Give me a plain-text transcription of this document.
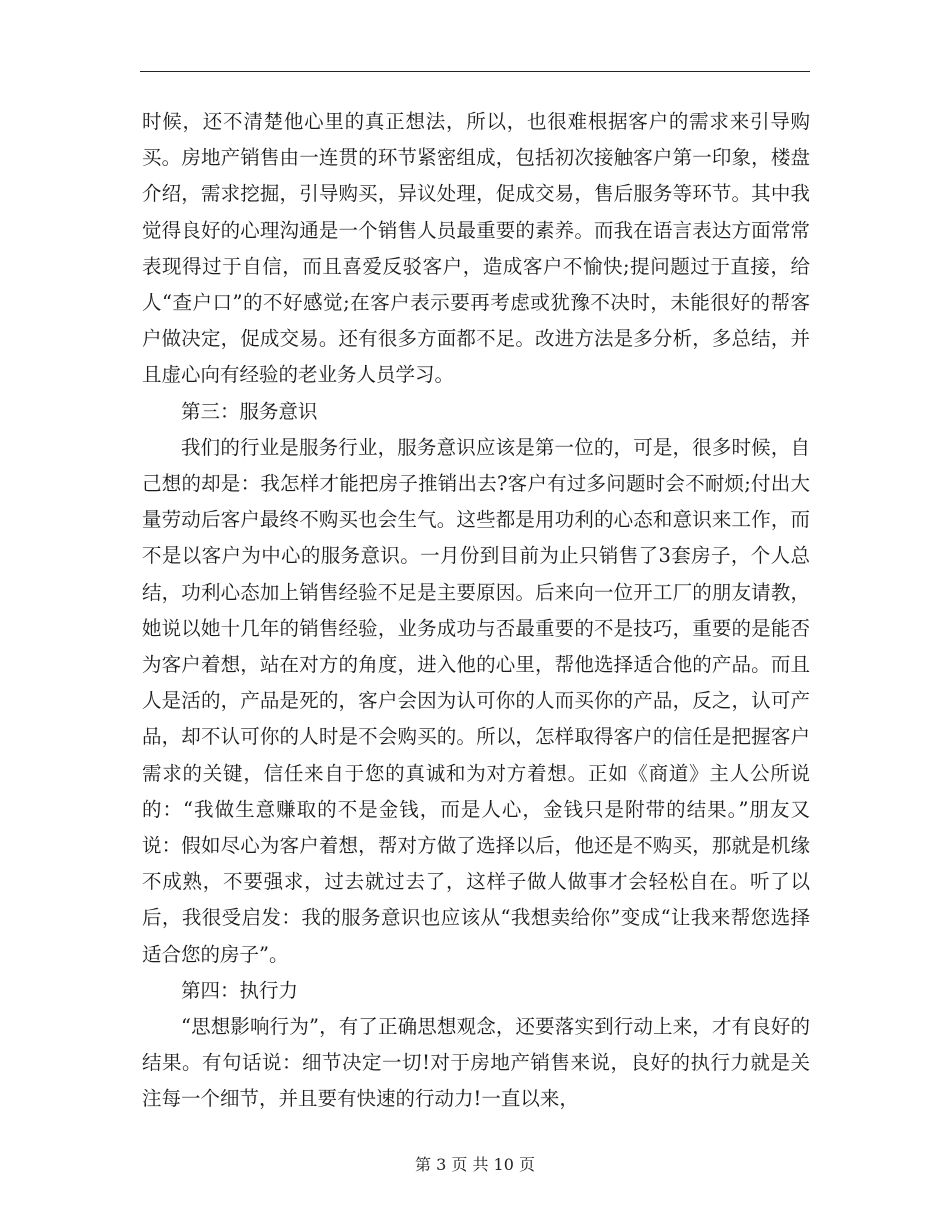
时候，还不清楚他心里的真正想法，所以，也很难根据客户的需求来引导购买。房地产销售由一连贯的环节紧密组成，包括初次接触客户第一印象，楼盘介绍，需求挖掘，引导购买，异议处理，促成交易，售后服务等环节。其中我觉得良好的心理沟通是一个销售人员最重要的素养。而我在语言表达方面常常表现得过于自信，而且喜爱反驳客户，造成客户不愉快;提问题过于直接，给人“查户口”的不好感觉;在客户表示要再考虑或犹豫不决时，未能很好的帮客户做决定，促成交易。还有很多方面都不足。改进方法是多分析，多总结，并且虚心向有经验的老业务人员学习。

第三：服务意识

我们的行业是服务行业，服务意识应该是第一位的，可是，很多时候，自己想的却是：我怎样才能把房子推销出去?客户有过多问题时会不耐烦;付出大量劳动后客户最终不购买也会生气。这些都是用功利的心态和意识来工作，而不是以客户为中心的服务意识。一月份到目前为止只销售了3套房子，个人总结，功利心态加上销售经验不足是主要原因。后来向一位开工厂的朋友请教，她说以她十几年的销售经验，业务成功与否最重要的不是技巧，重要的是能否为客户着想，站在对方的角度，进入他的心里，帮他选择适合他的产品。而且人是活的，产品是死的，客户会因为认可你的人而买你的产品，反之，认可产品，却不认可你的人时是不会购买的。所以，怎样取得客户的信任是把握客户需求的关键，信任来自于您的真诚和为对方着想。正如《商道》主人公所说的：“我做生意赚取的不是金钱，而是人心，金钱只是附带的结果。”朋友又说：假如尽心为客户着想，帮对方做了选择以后，他还是不购买，那就是机缘不成熟，不要强求，过去就过去了，这样子做人做事才会轻松自在。听了以后，我很受启发：我的服务意识也应该从“我想卖给你”变成“让我来帮您选择适合您的房子”。

第四：执行力

“思想影响行为”，有了正确思想观念，还要落实到行动上来，才有良好的结果。有句话说：细节决定一切!对于房地产销售来说，良好的执行力就是关注每一个细节，并且要有快速的行动力!一直以来，

第 3 页 共 10 页
